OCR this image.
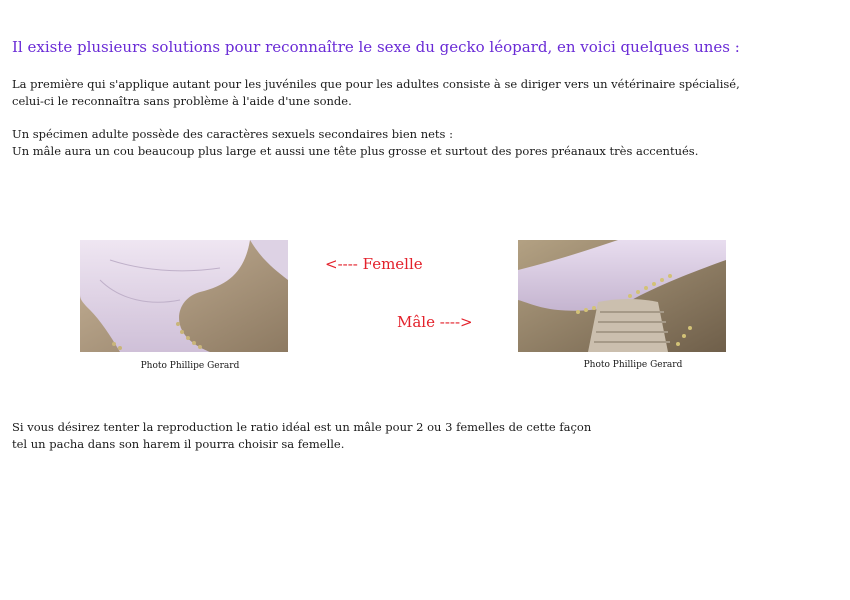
Il existe plusieurs solutions pour reconnaître le sexe du gecko léopard, en voici quelques unes :

La première qui s'applique autant pour les juvéniles que pour les adultes consiste à se diriger vers un vétérinaire spécialisé,
celui-ci le reconnaîtra sans problème à l'aide d'une sonde.

Un spécimen adulte possède des caractères sexuels secondaires bien nets :
Un mâle aura un cou beaucoup plus large et aussi une tête plus grosse et surtout des pores préanaux très accentués.

Photo Phillipe Gerard	Photo Phillipe Gerard
<---- Femelle
Mâle ---->

Si vous désirez tenter la reproduction le ratio idéal est un mâle pour 2 ou 3 femelles de cette façon
tel un pacha dans son harem il pourra choisir sa femelle.
